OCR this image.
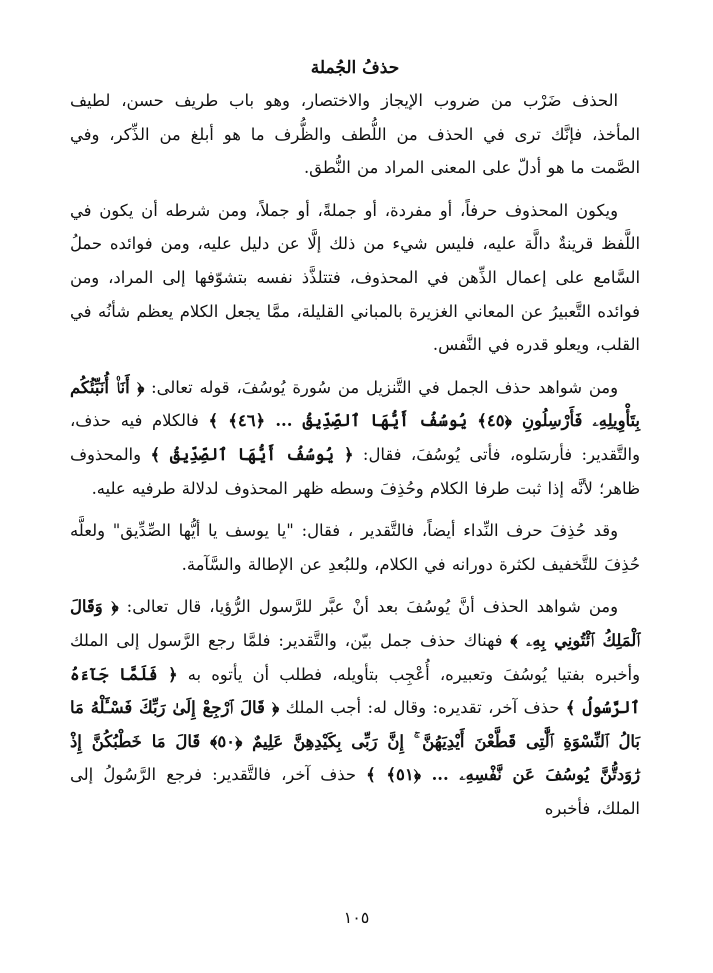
حذفُ الجُملة

الحذف ضَرْب من ضروب الإيجاز والاختصار، وهو باب طريف حسن، لطيف المأخذ، فإنَّك ترى في الحذف من اللُّطف والظُّرف ما هو أبلغ من الذِّكر، وفي الصَّمت ما هو أدلّ على المعنى المراد من النُّطق.

ويكون المحذوف حرفاً، أو مفردة، أو جملةً، أو جملاً، ومن شرطه أن يكون في اللَّفظ قرينةٌ دالَّة عليه، فليس شيء من ذلك إلَّا عن دليل عليه، ومن فوائده حملُ السَّامع على إعمال الذِّهن في المحذوف، فتتلذَّذ نفسه بتشوّفها إلى المراد، ومن فوائده التَّعبيرُ عن المعاني الغزيرة بالمباني القليلة، ممَّا يجعل الكلام يعظم شأنُه في القلب، ويعلو قدره في النَّفس.

ومن شواهد حذف الجمل في التَّنزيل من سُورة يُوسُفَ، قوله تعالى: ﴿ أَنَا۠ أُنَبِّئُكُم بِتَأْوِيلِهِۦ فَأَرْسِلُونِ ﴿٤٥﴾ يُوسُفُ أَيُّهَا ٱلصِّدِّيقُ ... ﴿٤٦﴾ ﴾ فالكلام فيه حذف، والتَّقدير: فأرسَلوه، فأتى يُوسُفَ، فقال: ﴿ يُوسُفُ أَيُّهَا ٱلصِّدِّيقُ ﴾ والمحذوف ظاهر؛ لأنَّه إذا ثبت طرفا الكلام وحُذِفَ وسطه ظهر المحذوف لدلالة طرفيه عليه.

وقد حُذِفَ حرف النِّداء أيضاً، فالتَّقدير ، فقال: "يا يوسف يا أيُّها الصِّدِّيق" ولعلَّه حُذِفَ للتَّخفيف لكثرة دورانه في الكلام، وللبُعدِ عن الإطالة والسَّآمة.

ومن شواهد الحذف أنَّ يُوسُفَ بعد أنْ عبَّر للرَّسول الرُّؤيا، قال تعالى: ﴿ وَقَالَ ٱلْمَلِكُ ٱئْتُونِي بِهِۦ ﴾ فهناك حذف جمل بيّن، والتَّقدير: فلمَّا رجع الرَّسول إلى الملك وأخبره بفتيا يُوسُفَ وتعبيره، أُعْجِب بتأويله، فطلب أن يأتوه به ﴿ فَلَمَّا جَآءَهُ ٱلرَّسُولُ ﴾ حذف آخر، تقديره: وقال له: أجب الملك ﴿ قَالَ ٱرْجِعْ إِلَىٰ رَبِّكَ فَسْـَٔلْهُ مَا بَالُ ٱلنِّسْوَةِ ٱلَّٰتِى قَطَّعْنَ أَيْدِيَهُنَّ ۚ إِنَّ رَبِّى بِكَيْدِهِنَّ عَلِيمٌ ﴿٥٠﴾ قَالَ مَا خَطْبُكُنَّ إِذْ رَٰوَدتُّنَّ يُوسُفَ عَن نَّفْسِهِۦ ... ﴿٥١﴾ ﴾ حذف آخر، فالتَّقدير: فرجع الرَّسُولُ إلى الملك، فأخبره

١٠٥
